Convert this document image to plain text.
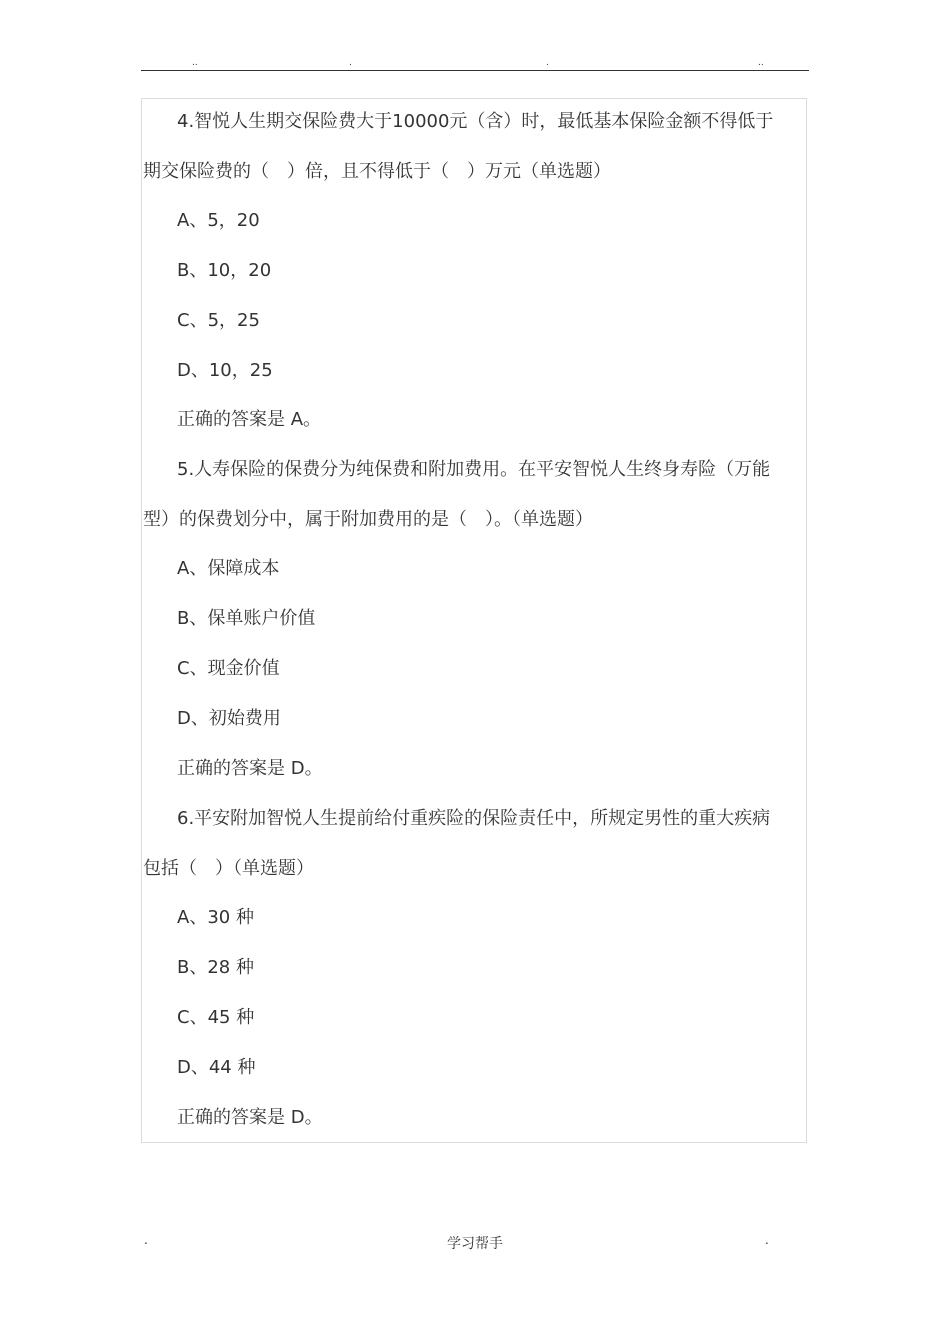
..	.	.	..
4.智悦人生期交保险费大于10000元（含）时，最低基本保险金额不得低于
期交保险费的（　）倍，且不得低于（　）万元（单选题）
A、5，20
B、10，20
C、5，25
D、10，25
正确的答案是 A。
5.人寿保险的保费分为纯保费和附加费用。在平安智悦人生终身寿险（万能
型）的保费划分中，属于附加费用的是（　）。（单选题）
A、保障成本
B、保单账户价值
C、现金价值
D、初始费用
正确的答案是 D。
6.平安附加智悦人生提前给付重疾险的保险责任中，所规定男性的重大疾病
包括（　）（单选题）
A、30 种
B、28 种
C、45 种
D、44 种
正确的答案是 D。
.	学习帮手	.
